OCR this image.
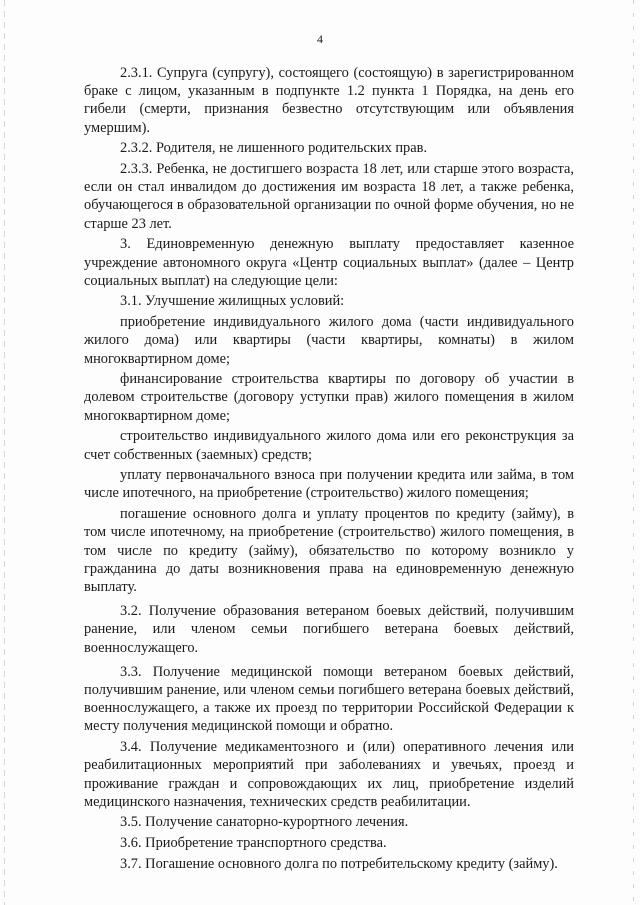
4

2.3.1. Супруга (супругу), состоящего (состоящую) в зарегистрированном браке с лицом, указанным в подпункте 1.2 пункта 1 Порядка, на день его гибели (смерти, признания безвестно отсутствующим или объявления умершим).

2.3.2. Родителя, не лишенного родительских прав.

2.3.3. Ребенка, не достигшего возраста 18 лет, или старше этого возраста, если он стал инвалидом до достижения им возраста 18 лет, а также ребенка, обучающегося в образовательной организации по очной форме обучения, но не старше 23 лет.

3. Единовременную денежную выплату предоставляет казенное учреждение автономного округа «Центр социальных выплат» (далее – Центр социальных выплат) на следующие цели:

3.1. Улучшение жилищных условий:

приобретение индивидуального жилого дома (части индивидуального жилого дома) или квартиры (части квартиры, комнаты) в жилом многоквартирном доме;

финансирование строительства квартиры по договору об участии в долевом строительстве (договору уступки прав) жилого помещения в жилом многоквартирном доме;

строительство индивидуального жилого дома или его реконструкция за счет собственных (заемных) средств;

уплату первоначального взноса при получении кредита или займа, в том числе ипотечного, на приобретение (строительство) жилого помещения;

погашение основного долга и уплату процентов по кредиту (займу), в том числе ипотечному, на приобретение (строительство) жилого помещения, в том числе по кредиту (займу), обязательство по которому возникло у гражданина до даты возникновения права на единовременную денежную выплату.

3.2. Получение образования ветераном боевых действий, получившим ранение, или членом семьи погибшего ветерана боевых действий, военнослужащего.

3.3. Получение медицинской помощи ветераном боевых действий, получившим ранение, или членом семьи погибшего ветерана боевых действий, военнослужащего, а также их проезд по территории Российской Федерации к месту получения медицинской помощи и обратно.

3.4. Получение медикаментозного и (или) оперативного лечения или реабилитационных мероприятий при заболеваниях и увечьях, проезд и проживание граждан и сопровождающих их лиц, приобретение изделий медицинского назначения, технических средств реабилитации.

3.5. Получение санаторно-курортного лечения.

3.6. Приобретение транспортного средства.

3.7. Погашение основного долга по потребительскому кредиту (займу).
